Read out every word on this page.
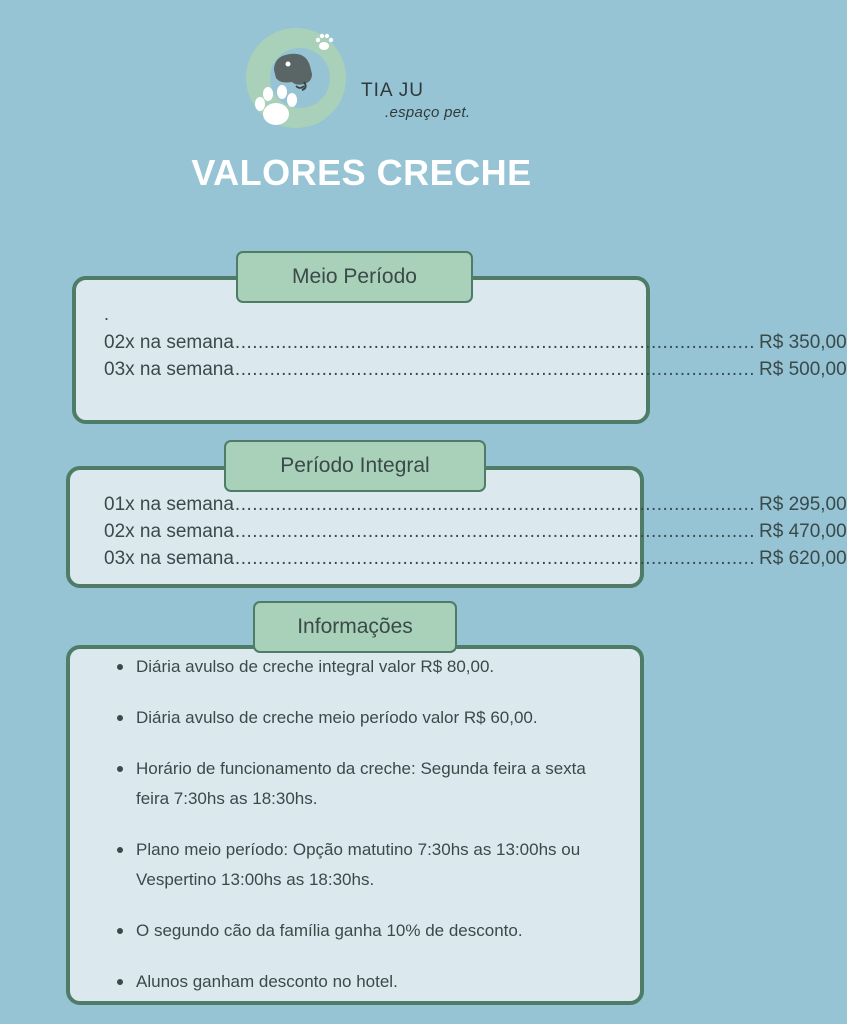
TIA JU
.espaço pet.
VALORES CRECHE
Meio Período
.
02x na semana .......................................................................................... R$ 350,00
03x na semana .......................................................................................... R$ 500,00
Período Integral
01x na semana .......................................................................................... R$ 295,00
02x na semana .......................................................................................... R$ 470,00
03x na semana .......................................................................................... R$ 620,00
Informações
Diária avulso de creche integral valor R$ 80,00.
Diária avulso de creche meio período valor R$ 60,00.
Horário de funcionamento da creche: Segunda feira a sexta feira 7:30hs as 18:30hs.
Plano meio período: Opção matutino 7:30hs as 13:00hs ou Vespertino 13:00hs as 18:30hs.
O segundo cão da família ganha 10% de desconto.
Alunos ganham desconto no hotel.
